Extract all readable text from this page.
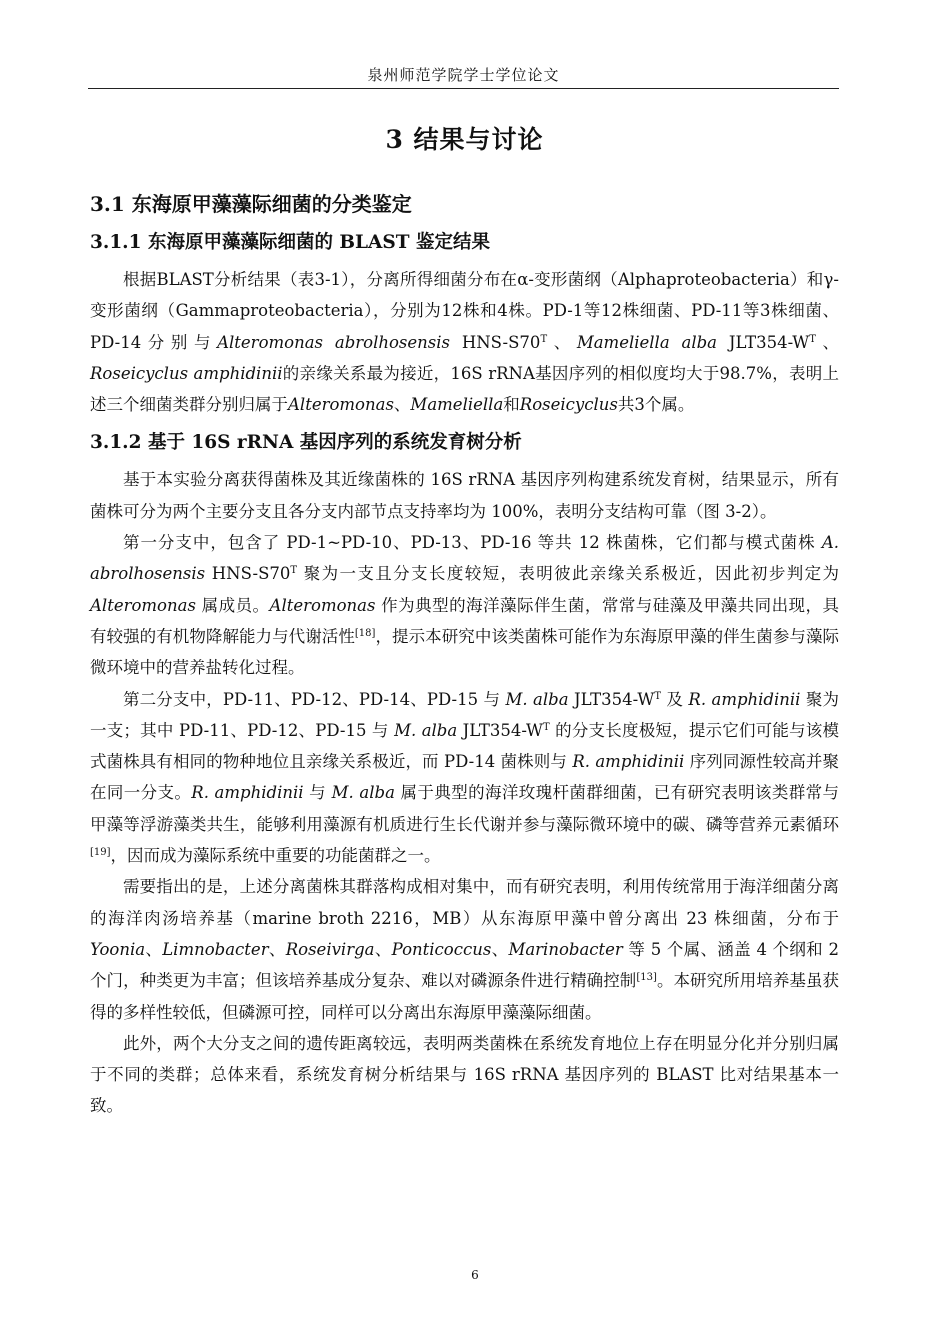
泉州师范学院学士学位论文
3 结果与讨论
3.1 东海原甲藻藻际细菌的分类鉴定
3.1.1 东海原甲藻藻际细菌的 BLAST 鉴定结果

根据BLAST分析结果（表3-1），分离所得细菌分布在α-变形菌纲（Alphaproteobacteria）和γ-变形菌纲（Gammaproteobacteria），分别为12株和4株。PD-1等12株细菌、PD-11等3株细菌、PD-14分别与Alteromonas abrolhosensis HNS-$S70^T$、Mameliella alba $JLT354-W^T$、Roseicyclus amphidinii的亲缘关系最为接近，16S rRNA基因序列的相似度均大于98.7%，表明上述三个细菌类群分别归属于Alteromonas、Mameliella和Roseicyclus共3个属。

3.1.2 基于 16S rRNA 基因序列的系统发育树分析

基于本实验分离获得菌株及其近缘菌株的 16S rRNA 基因序列构建系统发育树，结果显示，所有菌株可分为两个主要分支且各分支内部节点支持率均为 100%，表明分支结构可靠（图 3-2）。

第一分支中，包含了 PD-1~PD-10、PD-13、PD-16 等共 12 株菌株，它们都与模式菌株 A. abrolhosensis HNS-$S70^T$ 聚为一支且分支长度较短，表明彼此亲缘关系极近，因此初步判定为 Alteromonas 属成员。Alteromonas 作为典型的海洋藻际伴生菌，常常与硅藻及甲藻共同出现，具有较强的有机物降解能力与代谢活性[18]，提示本研究中该类菌株可能作为东海原甲藻的伴生菌参与藻际微环境中的营养盐转化过程。

第二分支中，PD-11、PD-12、PD-14、PD-15 与 M. alba $JLT354-W^T$ 及 R. amphidinii 聚为一支；其中 PD-11、PD-12、PD-15 与 M. alba $JLT354-W^T$ 的分支长度极短，提示它们可能与该模式菌株具有相同的物种地位且亲缘关系极近，而 PD-14 菌株则与 R. amphidinii 序列同源性较高并聚在同一分支。R. amphidinii 与 M. alba 属于典型的海洋玫瑰杆菌群细菌，已有研究表明该类群常与甲藻等浮游藻类共生，能够利用藻源有机质进行生长代谢并参与藻际微环境中的碳、磷等营养元素循环[19]，因而成为藻际系统中重要的功能菌群之一。

需要指出的是，上述分离菌株其群落构成相对集中，而有研究表明，利用传统常用于海洋细菌分离的海洋肉汤培养基（marine broth 2216，MB）从东海原甲藻中曾分离出 23 株细菌，分布于 Yoonia、Limnobacter、Roseivirga、Ponticoccus、Marinobacter 等 5 个属、涵盖 4 个纲和 2 个门，种类更为丰富；但该培养基成分复杂、难以对磷源条件进行精确控制[13]。本研究所用培养基虽获得的多样性较低，但磷源可控，同样可以分离出东海原甲藻藻际细菌。

此外，两个大分支之间的遗传距离较远，表明两类菌株在系统发育地位上存在明显分化并分别归属于不同的类群；总体来看，系统发育树分析结果与 16S rRNA 基因序列的 BLAST 比对结果基本一致。

6
